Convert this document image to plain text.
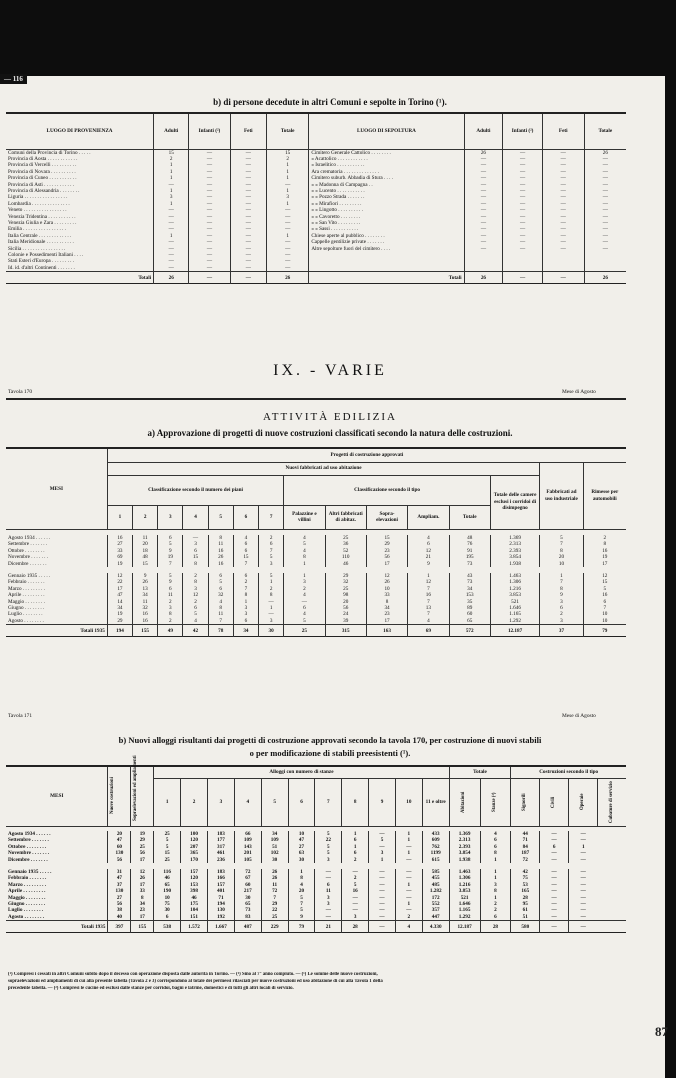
— 116
b) di persone decedute in altri Comuni e sepolte in Torino (¹).
LUOGO DI PROVENIENZA	Adulti	Infanti (²)	Feti	Totale	LUOGO DI SEPOLTURA	Adulti	Infanti (²)	Feti	Totale
Comuni della Provincia di Torino . . . . .	15	—	—	15	Cimitero Generale Cattolico . . . . . . . .	26	—	—	26
Provincia di Aosta . . . . . . . . . . . .	2	—	—	2	» Acattolico . . . . . . . . . . . .	—	—	—	—
Provincia di Vercelli . . . . . . . . . .	1	—	—	1	» Israelitico . . . . . . . . . . .	—	—	—	—
Provincia di Novara . . . . . . . . . .	1	—	—	1	Ara crematoria . . . . . . . . . . . . . .	—	—	—	—
Provincia di Cuneo . . . . . . . . . . .	1	—	—	1	Cimitero suburb. Abbadia di Stura . . . .	—	—	—	—
Provincia di Asti . . . . . . . . . . . .	—	—	—	—	» » Madonna di Campagna . .	—	—	—	—
Provincia di Alessandria . . . . . . . .	1	—	—	1	» » Lucento . . . . . . . . . . .	—	—	—	—
Liguria . . . . . . . . . . . . . . . . .	3	—	—	3	» » Pozzo Strada . . . . . . .	—	—	—	—
Lombardia . . . . . . . . . . . . . . .	1	—	—	1	» » Mirafiori . . . . . . . . .	—	—	—	—
Veneto . . . . . . . . . . . . . . . . .	—	—	—	—	» » Lingotto . . . . . . . . . .	—	—	—	—
Venezia Tridentina . . . . . . . . . . .	—	—	—	—	» » Cavoretto . . . . . . . .	—	—	—	—
Venezia Giulia e Zara . . . . . . . . .	—	—	—	—	» » San Vito . . . . . . . . .	—	—	—	—
Emilia . . . . . . . . . . . . . . . . .	—	—	—	—	» » Sassi . . . . . . . . . . .	—	—	—	—
Italia Centrale . . . . . . . . . . . . .	1	—	—	1	Chiese aperte al pubblico . . . . . . . .	—	—	—	—
Italia Meridionale . . . . . . . . . . .	—	—	—	—	Cappelle gentilizie private . . . . . . .	—	—	—	—
Sicilia . . . . . . . . . . . . . . . . .	—	—	—	—	Altre sepolture fuori del cimitero . . . .	—	—	—	—
Colonie e Possedimenti Italiani . . . .	—	—	—	—					
Stati Esteri d'Europa . . . . . . . . .	—	—	—	—					
Id. id. d'altri Continenti . . . . . . .	—	—	—	—					
Totali	26	—	—	26	Totali	26	—	—	26
IX. - VARIE
Tavola 170	Mese di Agosto
ATTIVITÀ EDILIZIA
a) Approvazione di progetti di nuove costruzioni classificati secondo la natura delle costruzioni.
MESI	Progetti di costruzione approvati														
	Nuovi fabbricati ad uso abitazione													Fabbricati ad uso industriale	Rimesse per automobili
	Classificazione secondo il numero dei piani							Classificazione secondo il tipo					Totale delle camere esclusi i corridoi di disimpegno		
	1	2	3	4	5	6	7	Palazzine e villini	Altri fabbricati di abitaz.	Sopra-elevazioni	Ampliam.	Totale			

Agosto 1934 . . . . . .	16	11	6	—	8	4	2	4	25	15	4	48	1.369	5	2
Settembre . . . . . . .	27	20	5	3	11	6	6	5	36	29	6	76	2.313	7	8
Ottobre . . . . . . . .	33	18	9	6	16	6	7	4	52	23	12	91	2.393	8	16
Novembre . . . . . . .	69	48	19	15	26	15	5	8	110	56	21	195	3.854	20	19
Dicembre . . . . . . .	19	15	7	8	16	7	3	1	46	17	9	73	1.938	10	17

Gennaio 1935 . . . . .	12	9	5	2	6	6	5	1	29	12	1	43	1.463	1	12
Febbraio . . . . . . .	22	26	9	8	5	2	1	3	32	26	12	73	1.306	7	15
Marzo . . . . . . . . .	17	13	6	3	6	7	2	2	25	10	7	34	1.216	8	5
Aprile . . . . . . . . .	47	34	11	12	32	8	8	4	98	33	16	153	3.853	9	16
Maggio . . . . . . . .	14	11	2	2	4	1	—	—	20	8	7	35	521	3	6
Giugno . . . . . . . .	34	32	3	6	8	3	1	6	56	34	13	89	1.646	6	7
Luglio . . . . . . . .	19	16	8	5	11	3	—	4	24	23	7	60	1.165	2	10
Agosto . . . . . . . .	29	16	2	4	7	6	3	5	39	17	4	65	1.292	3	10
Totali 1935	194	155	49	42	78	34	30	25	315	163	69	572	12.187	37	79
Tavola 171	Mese di Agosto
b) Nuovi alloggi risultanti dai progetti di costruzione approvati secondo la tavola 170, per costruzione di nuovi stabili
o per modificazione di stabili preesistenti (¹).
MESI	Nuove costruzioni	Sopraelevazioni ed ampliamenti	Alloggi con numero di stanze											Totale		Costruzioni secondo il tipo			
			1	2	3	4	5	6	7	8	9	10	11 e oltre	Abitazioni	Stanze (²)	Signorili	Civili	Operaie	Cubature di servizio

Agosto 1934 . . . . . .	20	19	25	100	183	66	34	10	5	1	—	1	433	1.369	4	44	—	—	
Settembre . . . . . . .	47	29	5	120	177	109	109	47	22	6	5	1	609	2.313	6	71	—	—	
Ottobre . . . . . . . .	60	25	5	207	317	143	51	27	5	1	—	—	762	2.393	6	84	6	1	
Novembre . . . . . . .	130	56	15	365	461	201	102	63	5	6	3	1	1199	3.854	8	187	—	—	
Dicembre . . . . . . .	56	17	25	170	236	105	30	30	3	2	1	—	615	1.938	1	72	—	—	

Gennaio 1935 . . . . .	31	12	116	157	183	72	26	1	—	—	—	—	585	1.463	1	42	—	—	
Febbraio . . . . . . .	47	26	46	120	166	67	26	8	—	2	—	—	455	1.306	1	75	—	—	
Marzo . . . . . . . . .	37	17	65	153	157	60	11	4	6	5	—	1	485	1.216	3	53	—	—	
Aprile . . . . . . . . .	130	33	190	398	401	217	72	20	11	16	—	—	1.282	3.853	8	165	—	—	
Maggio . . . . . . . .	27	8	10	46	71	30	7	5	3	—	—	—	172	521	1	28	—	—	
Giugno . . . . . . . .	56	34	75	175	194	65	29	7	3	—	—	1	552	1.646	2	95	—	—	
Luglio . . . . . . . .	38	23	30	104	130	73	22	5	—	—	—	—	357	1.165	2	61	—	—	
Agosto . . . . . . . .	40	17	6	151	192	83	25	9	—	3	—	2	447	1.292	6	51	—	—	
Totali 1935	397	155	538	1.572	1.667	487	229	79	21	28	—	4	4.330	12.187	28	580	—	—	
(¹) Compresi i cessati in altri Comuni subito dopo il decesso con operazione disposta dalle autorità in Torino. — (²) Sino al 7° anno compiuto. — (¹) Le somme delle nuove costruzioni,
sopraelevazioni ed ampliamenti di cui alla presente tabella (Tavola 2 e 3) corrispondono al totale dei permessi rilasciati per nuove costruzioni ed uso abitazione di cui alla Tavola 1 della
precedente tabella. — (²) Compresi le cucine ed esclusi dalle stanze per corridoi, bagni e latrine, domestici e di tutti gli altri locali di servizio.
87
